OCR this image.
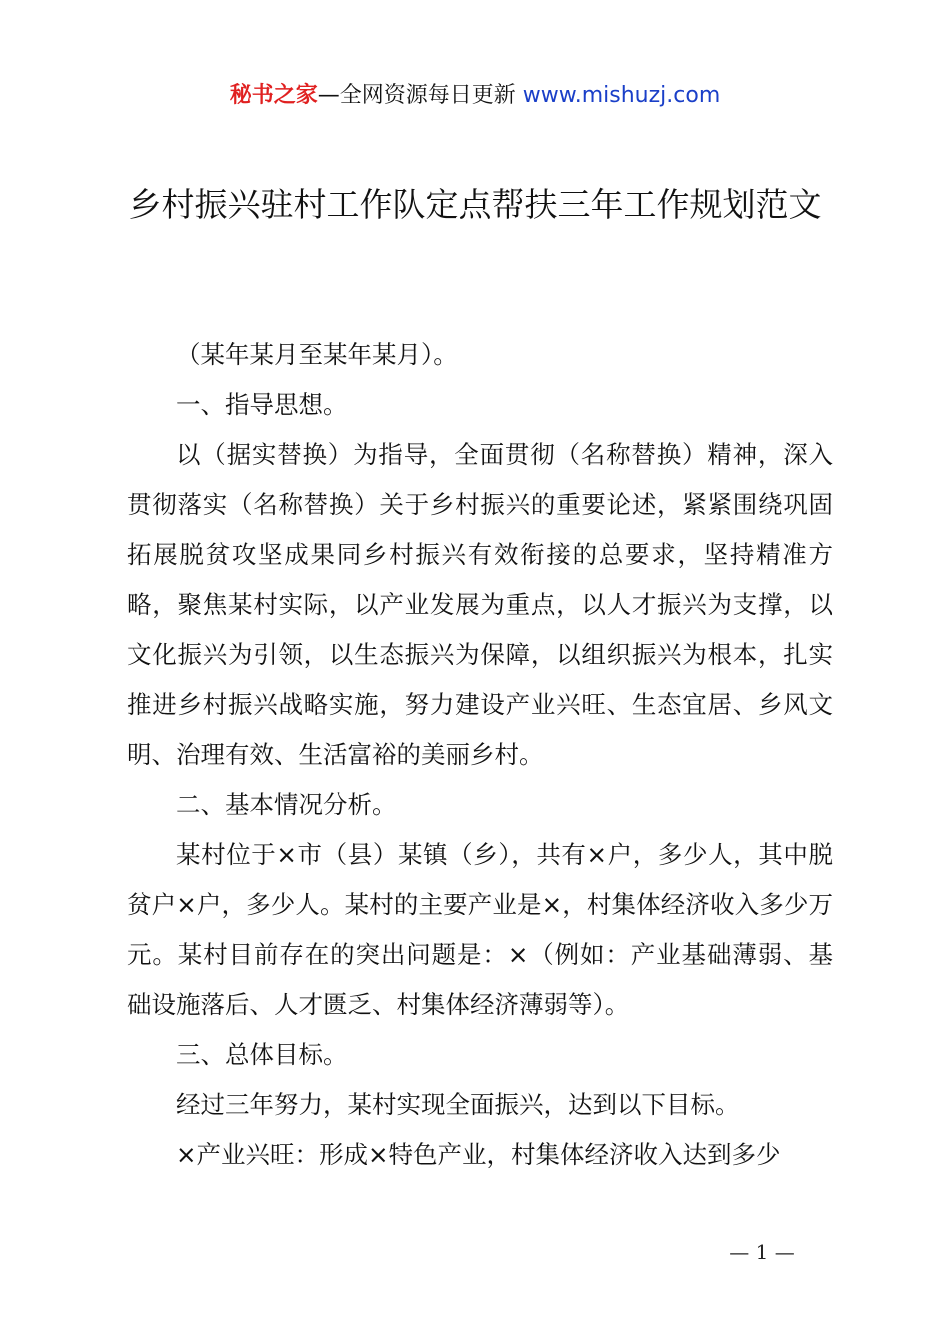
秘书之家—全网资源每日更新 www.mishuzj.com
乡村振兴驻村工作队定点帮扶三年工作规划范文

（某年某月至某年某月）。

一、指导思想。

以（据实替换）为指导，全面贯彻（名称替换）精神，深入贯彻落实（名称替换）关于乡村振兴的重要论述，紧紧围绕巩固拓展脱贫攻坚成果同乡村振兴有效衔接的总要求，坚持精准方略，聚焦某村实际，以产业发展为重点，以人才振兴为支撑，以文化振兴为引领，以生态振兴为保障，以组织振兴为根本，扎实推进乡村振兴战略实施，努力建设产业兴旺、生态宜居、乡风文明、治理有效、生活富裕的美丽乡村。

二、基本情况分析。

某村位于×市（县）某镇（乡），共有×户，多少人，其中脱贫户×户，多少人。某村的主要产业是×，村集体经济收入多少万元。某村目前存在的突出问题是：×（例如：产业基础薄弱、基础设施落后、人才匮乏、村集体经济薄弱等）。

三、总体目标。

经过三年努力，某村实现全面振兴，达到以下目标。

×产业兴旺：形成×特色产业，村集体经济收入达到多少

— 1 —
